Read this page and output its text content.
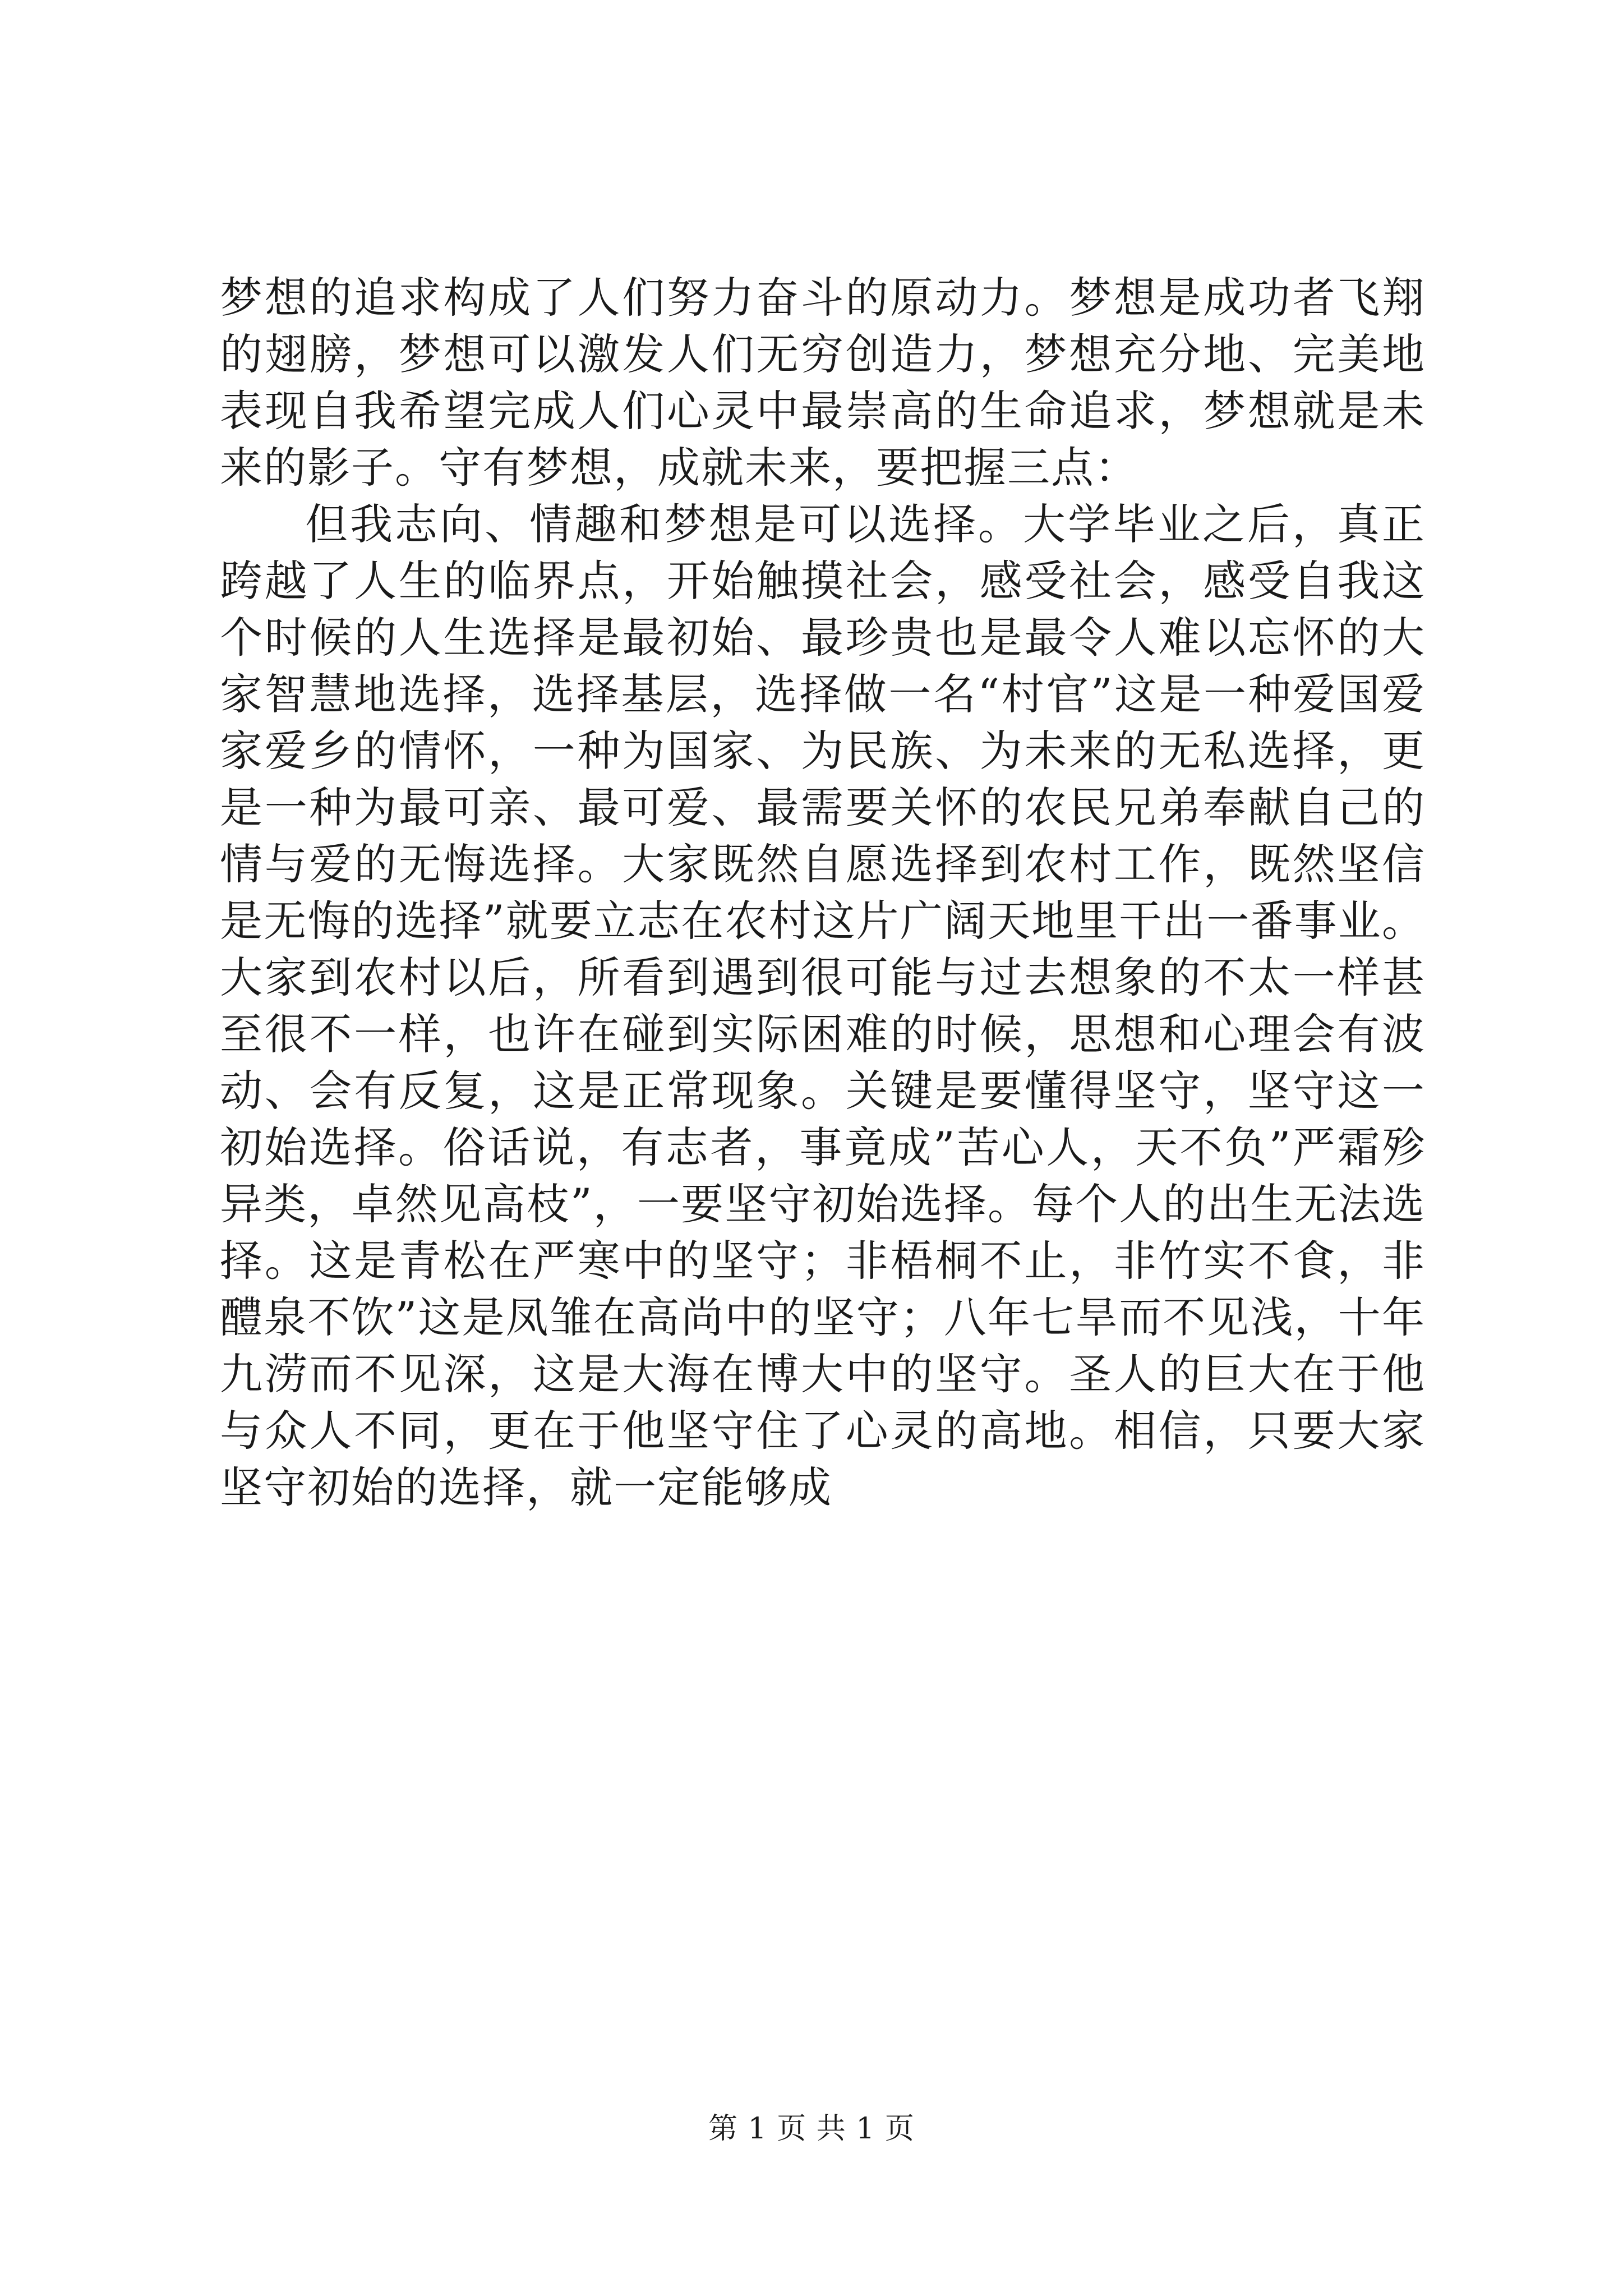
梦想的追求构成了人们努力奋斗的原动力。梦想是成功者飞翔的翅膀，梦想可以激发人们无穷创造力，梦想充分地、完美地表现自我希望完成人们心灵中最崇高的生命追求，梦想就是未来的影子。守有梦想，成就未来，要把握三点：

但我志向、情趣和梦想是可以选择。大学毕业之后，真正跨越了人生的临界点，开始触摸社会，感受社会，感受自我这个时候的人生选择是最初始、最珍贵也是最令人难以忘怀的大家智慧地选择，选择基层，选择做一名“村官”这是一种爱国爱家爱乡的情怀，一种为国家、为民族、为未来的无私选择，更是一种为最可亲、最可爱、最需要关怀的农民兄弟奉献自己的情与爱的无悔选择。大家既然自愿选择到农村工作，既然坚信是无悔的选择”就要立志在农村这片广阔天地里干出一番事业。大家到农村以后，所看到遇到很可能与过去想象的不太一样甚至很不一样，也许在碰到实际困难的时候，思想和心理会有波动、会有反复，这是正常现象。关键是要懂得坚守，坚守这一初始选择。俗话说，有志者，事竟成”苦心人，天不负”严霜殄异类，卓然见高枝”，一要坚守初始选择。每个人的出生无法选择。这是青松在严寒中的坚守；非梧桐不止，非竹实不食，非醴泉不饮”这是凤雏在高尚中的坚守；八年七旱而不见浅，十年九涝而不见深，这是大海在博大中的坚守。圣人的巨大在于他与众人不同，更在于他坚守住了心灵的高地。相信，只要大家坚守初始的选择，就一定能够成

第 1 页 共 1 页
